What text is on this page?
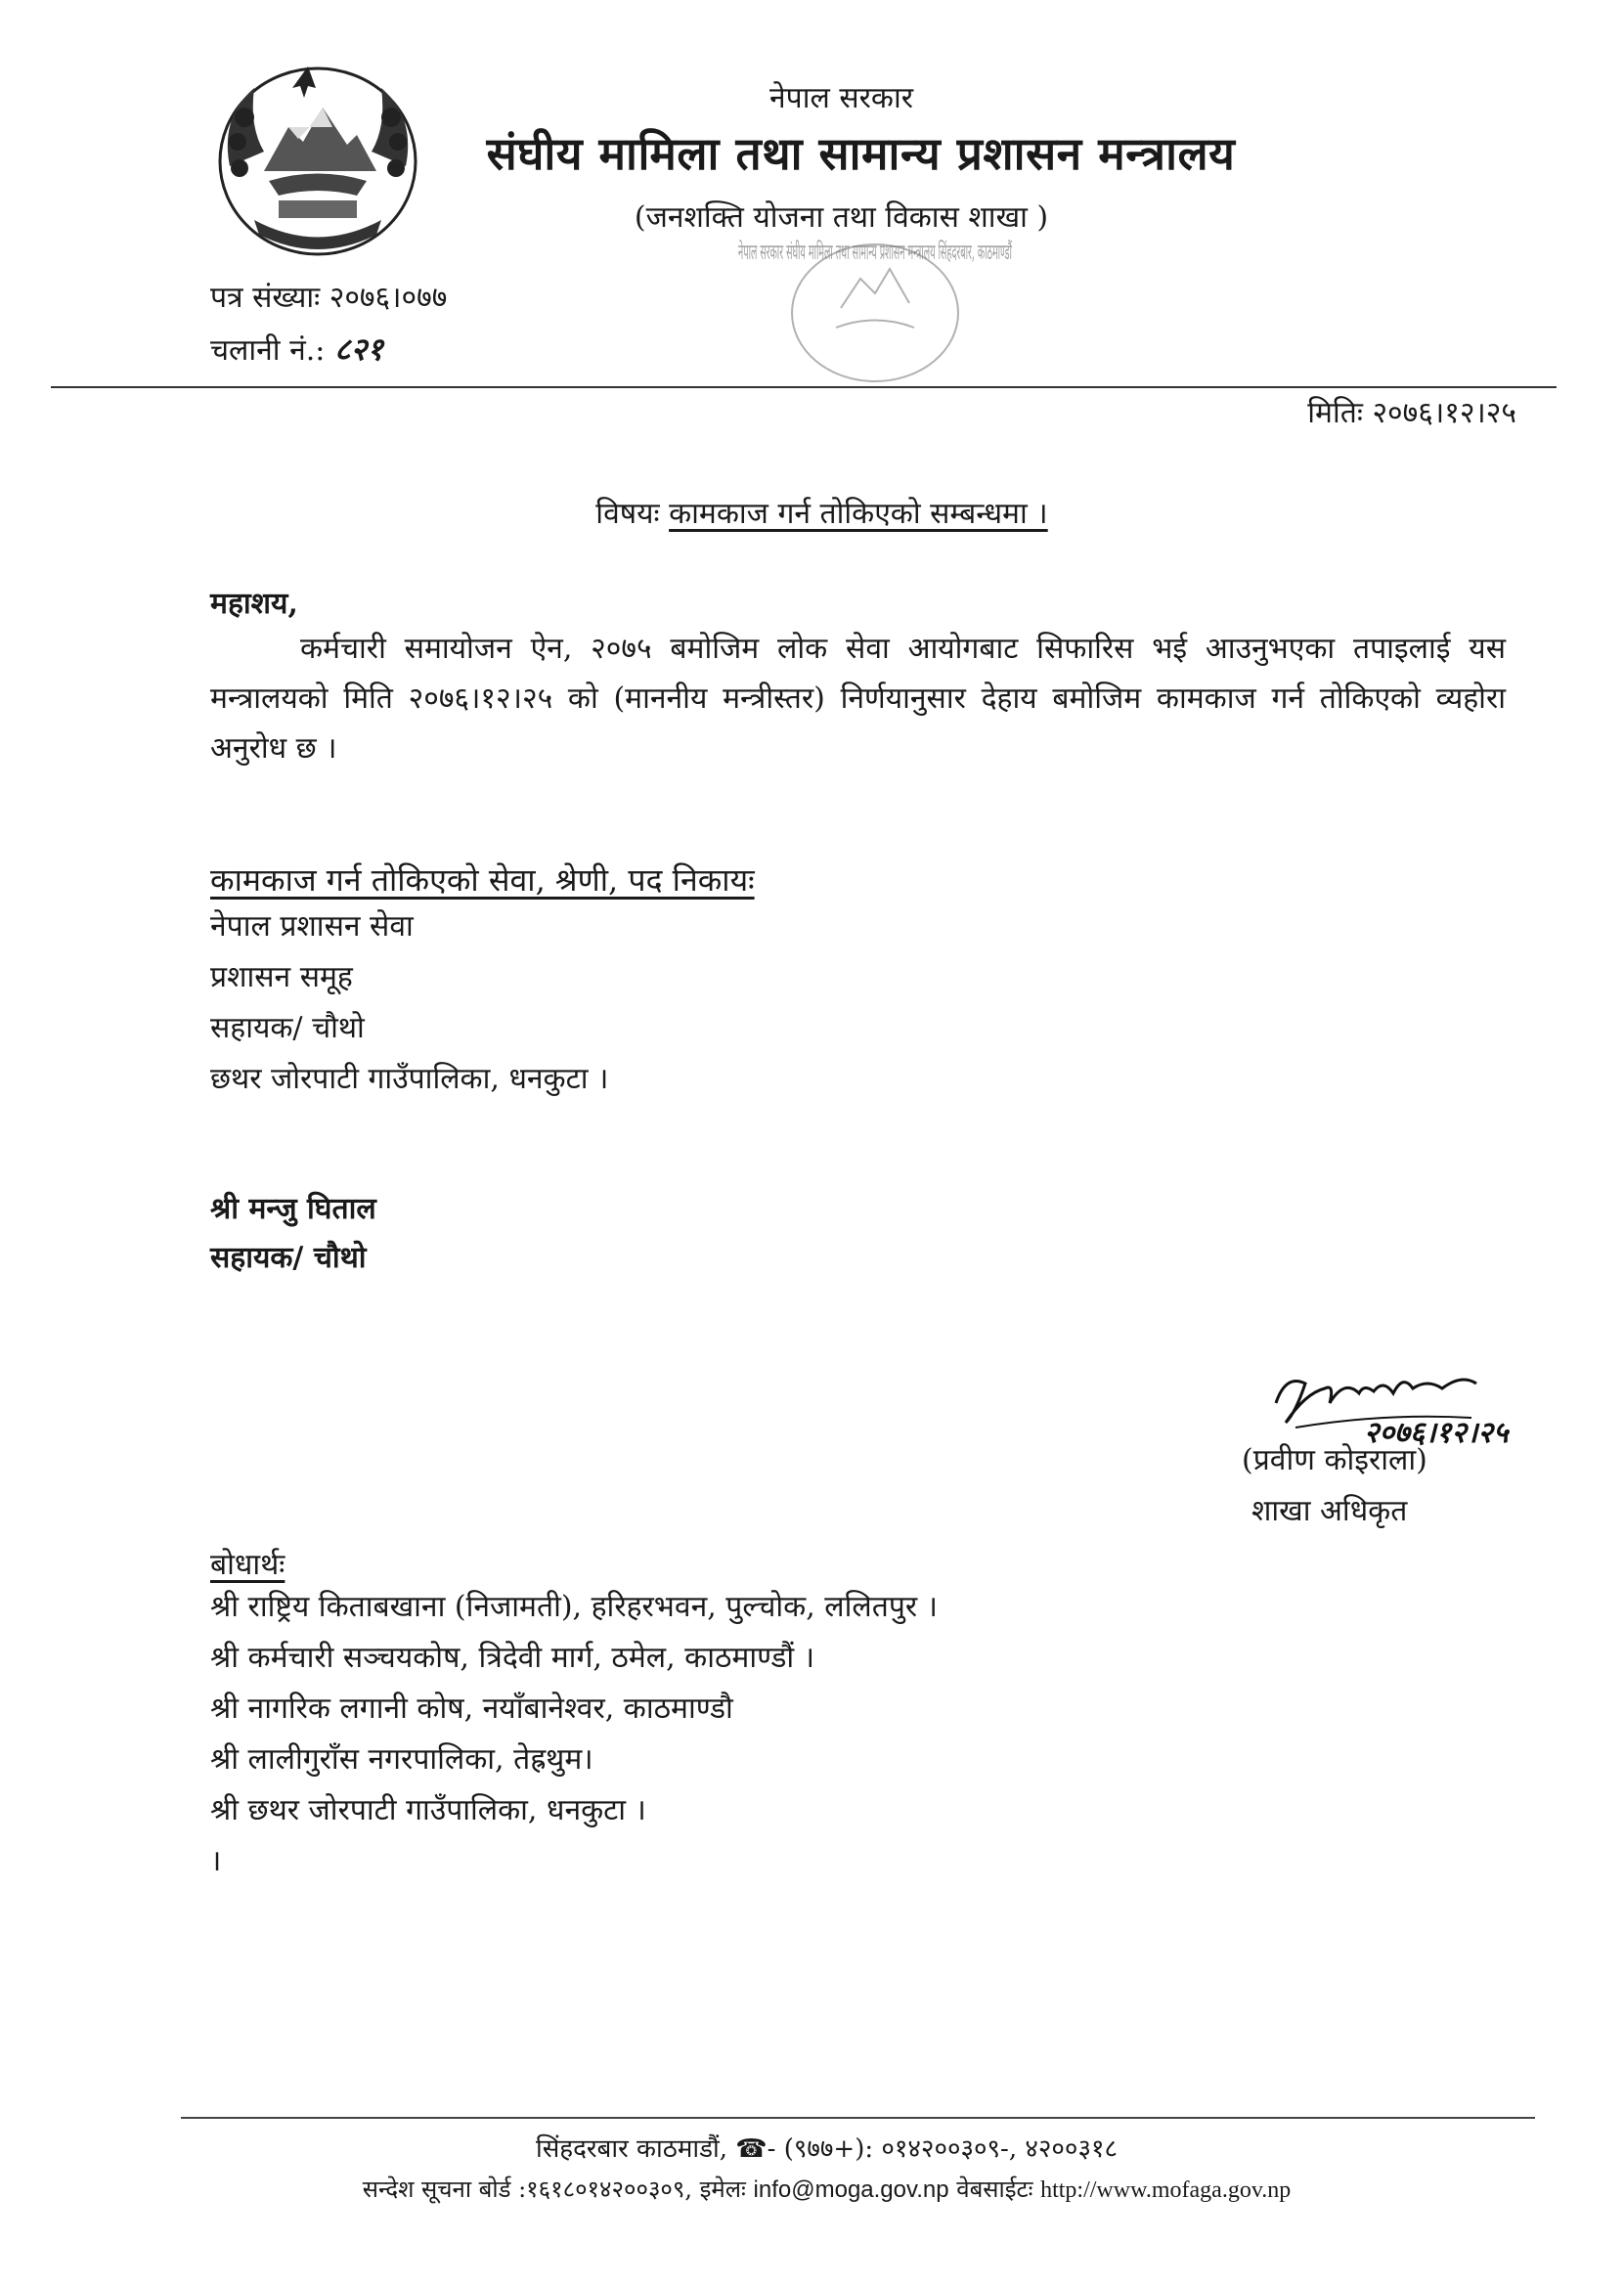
नेपाल सरकार
संघीय मामिला तथा सामान्य प्रशासन मन्त्रालय
(जनशक्ति योजना तथा विकास शाखा )
नेपाल सरकार संघीय मामिला तथा सामान्य प्रशासन मन्त्रालय सिंहदरबार, काठमाण्डौं
पत्र संख्याः २०७६।०७७
चलानी नं.: ८२१
मितिः २०७६।१२।२५
विषयः कामकाज गर्न तोकिएको सम्बन्धमा ।
महाशय,
कर्मचारी समायोजन ऐन, २०७५ बमोजिम लोक सेवा आयोगबाट सिफारिस भई आउनुभएका तपाइलाई यस मन्त्रालयको मिति २०७६।१२।२५ को (माननीय मन्त्रीस्तर) निर्णयानुसार देहाय बमोजिम कामकाज गर्न तोकिएको व्यहोरा अनुरोध छ ।
कामकाज गर्न तोकिएको सेवा, श्रेणी, पद निकायः
नेपाल प्रशासन सेवा
प्रशासन समूह
सहायक/ चौथो
छथर जोरपाटी गाउँपालिका, धनकुटा ।
श्री मन्जु घिताल
सहायक/ चौथो
२०७६।१२।२५
(प्रवीण कोइराला)
शाखा अधिकृत
बोधार्थः
श्री राष्ट्रिय किताबखाना (निजामती), हरिहरभवन, पुल्चोक, ललितपुर ।
श्री कर्मचारी सञ्चयकोष, त्रिदेवी मार्ग, ठमेल, काठमाण्डौं ।
श्री नागरिक लगानी कोष, नयाँबानेश्वर, काठमाण्डौ
श्री लालीगुराँस नगरपालिका, तेह्रथुम।
श्री छथर जोरपाटी गाउँपालिका, धनकुटा ।
।
सिंहदरबार काठमाडौं, ☎- (९७७+): ०१४२००३०९-, ४२००३१८
सन्देश सूचना बोर्ड :१६१८०१४२००३०९, इमेलः info@moga.gov.np वेबसाईटः http://www.mofaga.gov.np
